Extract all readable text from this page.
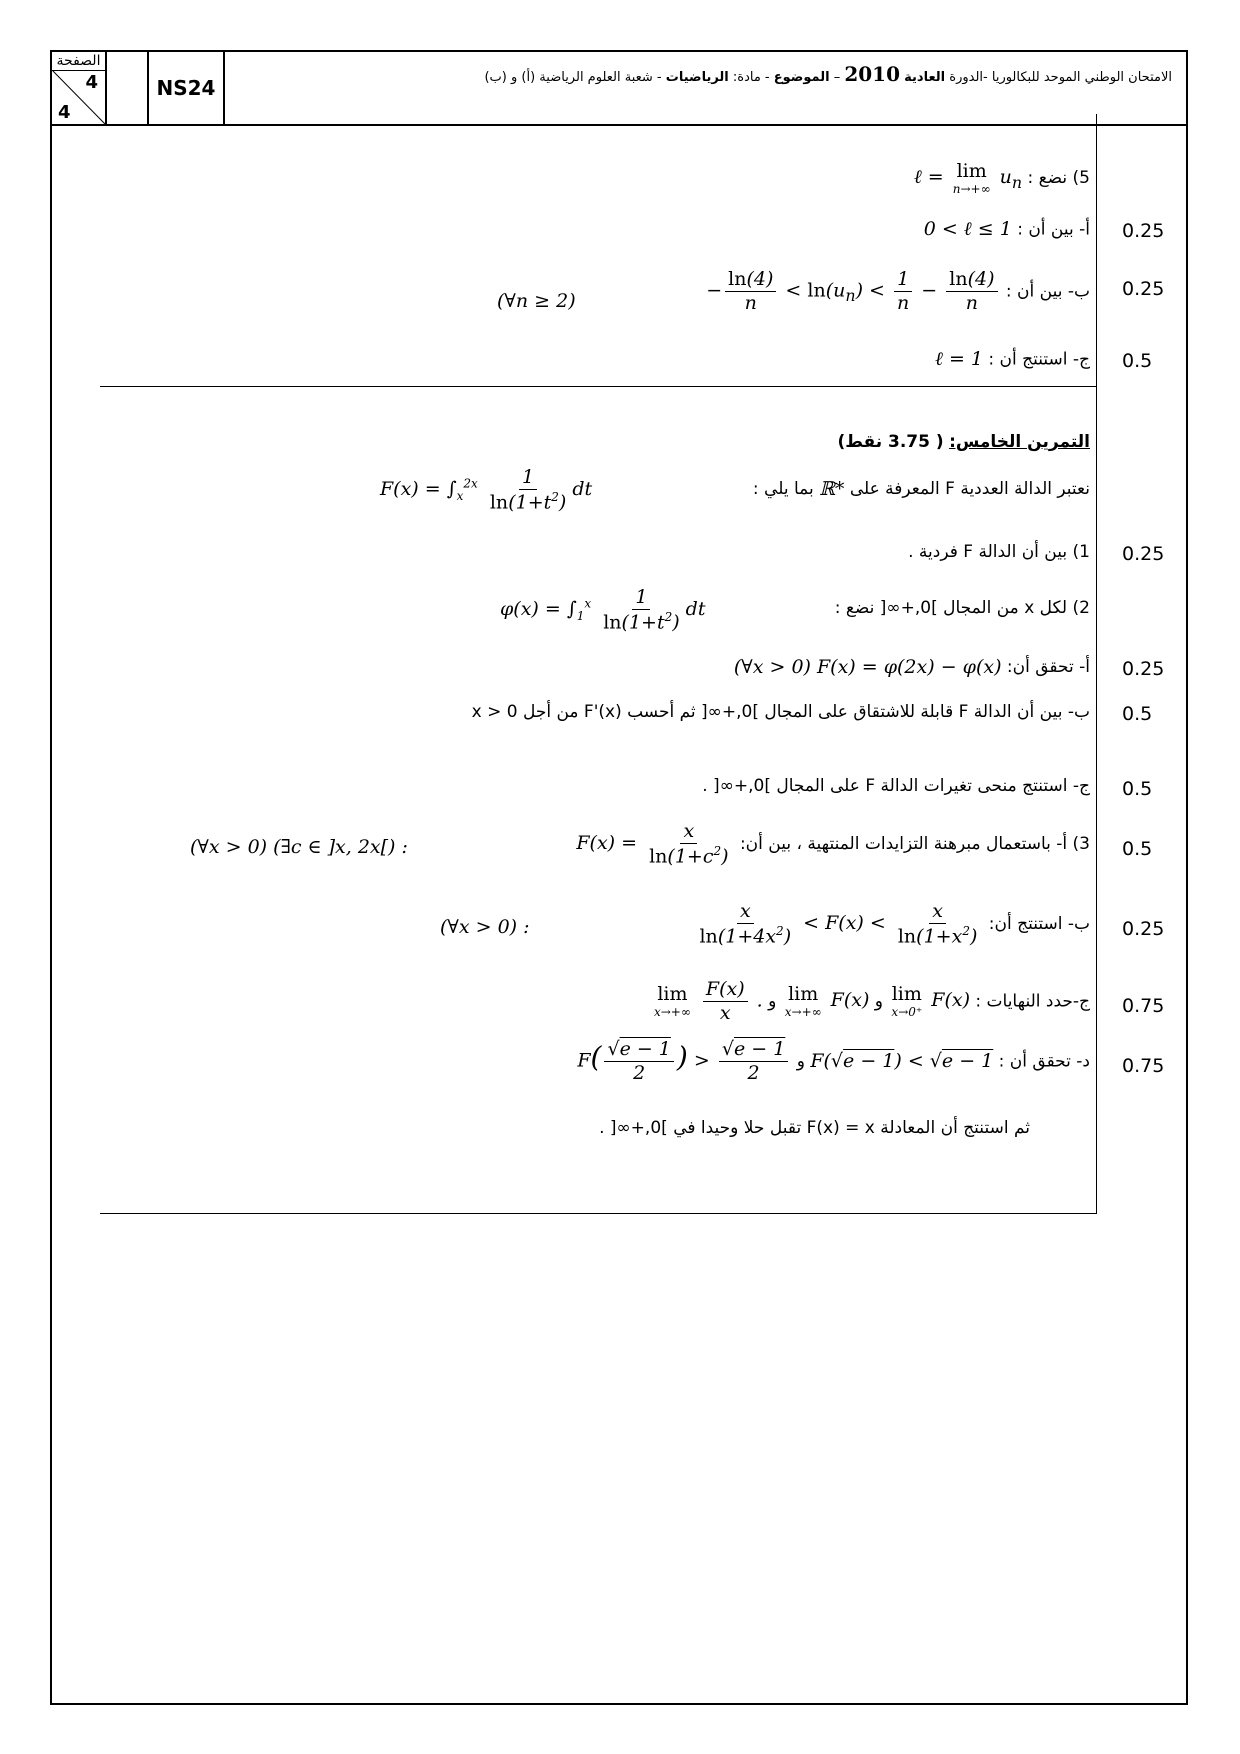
الصفحة
4
4
NS24	الامتحان الوطني الموحد للبكالوريا -الدورة العادية 2010 – الموضوع - مادة: الرياضيات - شعبة العلوم الرياضية (أ) و (ب)
5) نضع : ℓ = lim
n→+∞
$u_n$
0.25
أ- بين أن : 0 < ℓ ≤ 1
0.25
ب- بين أن : − $\frac{\ln(4)}{n} < \ln(u_n) < \frac{1}{n} - \frac{\ln(4)}{n}$
(∀n ≥ 2)
0.5
ج- استنتج أن : ℓ = 1
التمرين الخامس: ( 3.75 نقط)
نعتبر الدالة العددية F المعرفة على ℝ* بما يلي :
$F(x) = \int_x^{2x} \frac{1}{\ln(1+t^2)}$ dt
0.25
1) بين أن الدالة F فردية .
2) لكل x من المجال ]0,+∞[ نضع :
$\varphi(x) = \int_1^x \frac{1}{\ln(1+t^2)}$ dt
0.25
أ- تحقق أن: (∀x > 0) F(x) = φ(2x) − φ(x)
0.5
ب- بين أن الدالة F قابلة للاشتقاق على المجال ]0,+∞[ ثم أحسب F'(x) من أجل x > 0
0.5
ج- استنتج منحى تغيرات الدالة F على المجال ]0,+∞[ .
0.5
3) أ- باستعمال مبرهنة التزايدات المنتهية ، بين أن: $F(x) = \frac{x}{\ln(1+c^2)}$
(∀x > 0) (∃c ∈ ]x, 2x[) :
0.25
ب- استنتج أن:
$\frac{x}{\ln(1+4x^2)} < F(x) < \frac{x}{\ln(1+x^2)}$
(∀x > 0) :
0.75
ج-حدد النهايات :
lim
x→0⁺
F(x) و
lim
x→+∞
F(x) و
lim
x→+∞
$\frac{F(x)}{x}$ .
0.75
د- تحقق أن : F(√e − 1) < √e − 1 و $F( \frac{√e - 1}{2}$ ) > $\frac{√e - 1}{2}$
ثم استنتج أن المعادلة F(x) = x تقبل حلا وحيدا في ]0,+∞[ .
